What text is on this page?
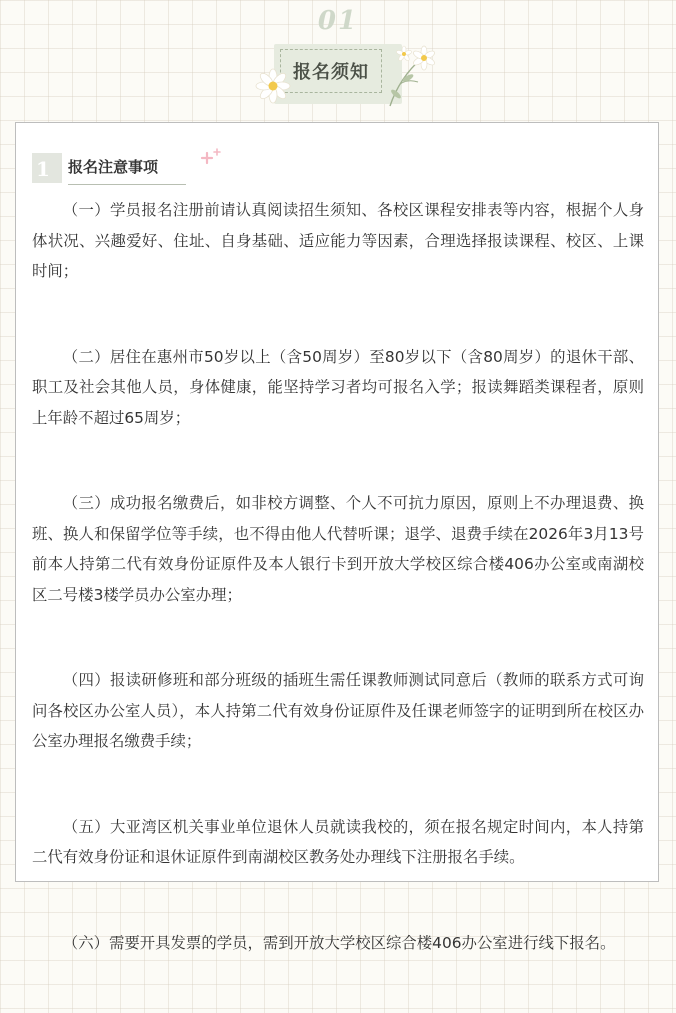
01
报名须知
1 报名注意事项

（一）学员报名注册前请认真阅读招生须知、各校区课程安排表等内容，根据个人身体状况、兴趣爱好、住址、自身基础、适应能力等因素，合理选择报读课程、校区、上课时间；

（二）居住在惠州市50岁以上（含50周岁）至80岁以下（含80周岁）的退休干部、职工及社会其他人员，身体健康，能坚持学习者均可报名入学；报读舞蹈类课程者，原则上年龄不超过65周岁；

（三）成功报名缴费后，如非校方调整、个人不可抗力原因，原则上不办理退费、换班、换人和保留学位等手续，也不得由他人代替听课；退学、退费手续在2026年3月13号前本人持第二代有效身份证原件及本人银行卡到开放大学校区综合楼406办公室或南湖校区二号楼3楼学员办公室办理；

（四）报读研修班和部分班级的插班生需任课教师测试同意后（教师的联系方式可询问各校区办公室人员），本人持第二代有效身份证原件及任课老师签字的证明到所在校区办公室办理报名缴费手续；

（五）大亚湾区机关事业单位退休人员就读我校的，须在报名规定时间内，本人持第二代有效身份证和退休证原件到南湖校区教务处办理线下注册报名手续。

（六）需要开具发票的学员，需到开放大学校区综合楼406办公室进行线下报名。
